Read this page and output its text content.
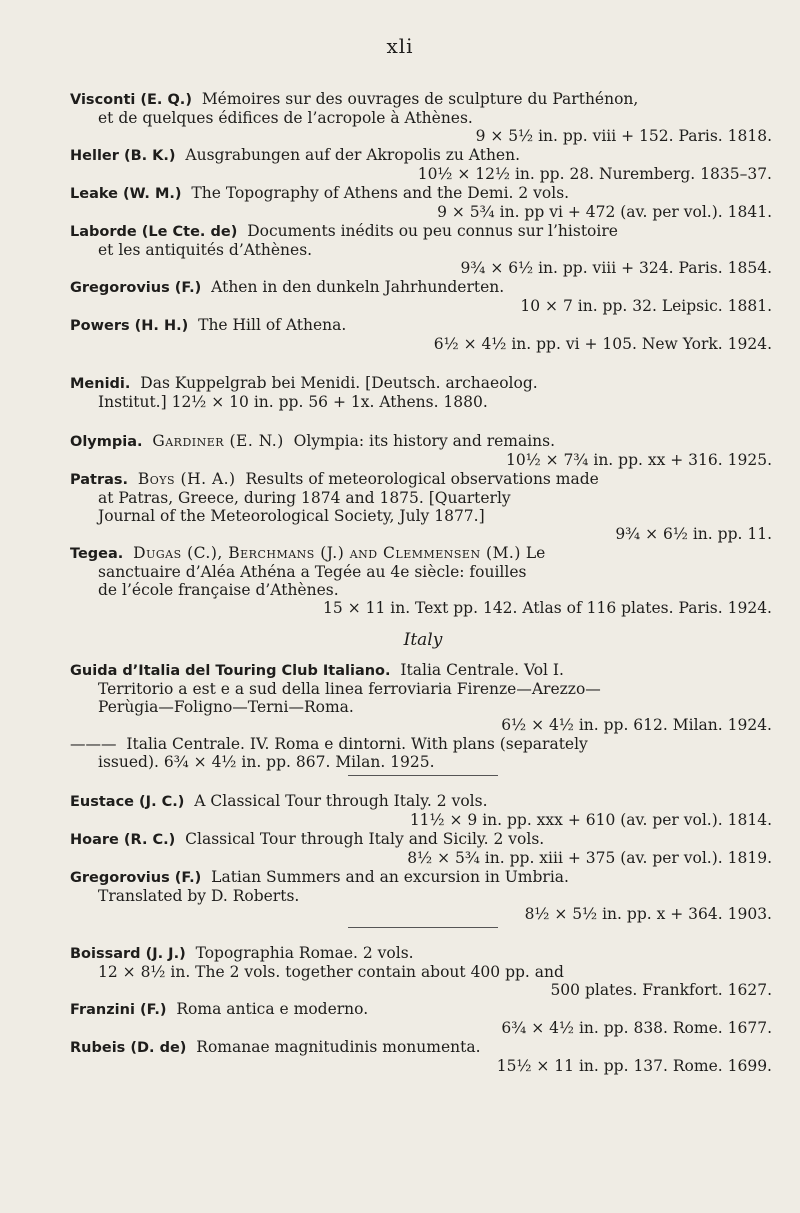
xli
Visconti (E. Q.) Mémoires sur des ouvrages de sculpture du Parthénon,
et de quelques édifices de l’acropole à Athènes.
9 × 5½ in. pp. viii + 152. Paris. 1818.
Heller (B. K.) Ausgrabungen auf der Akropolis zu Athen.
10½ × 12½ in. pp. 28. Nuremberg. 1835–37.
Leake (W. M.) The Topography of Athens and the Demi. 2 vols.
9 × 5¾ in. pp vi + 472 (av. per vol.). 1841.
Laborde (Le Cte. de) Documents inédits ou peu connus sur l’histoire
et les antiquités d’Athènes.
9¾ × 6½ in. pp. viii + 324. Paris. 1854.
Gregorovius (F.) Athen in den dunkeln Jahrhunderten.
10 × 7 in. pp. 32. Leipsic. 1881.
Powers (H. H.) The Hill of Athena.
6½ × 4½ in. pp. vi + 105. New York. 1924.
Menidi. Das Kuppelgrab bei Menidi. [Deutsch. archaeolog.
Institut.] 12½ × 10 in. pp. 56 + 1x. Athens. 1880.
Olympia. Gardiner (E. N.) Olympia: its history and remains.
10½ × 7¾ in. pp. xx + 316. 1925.
Patras. Boys (H. A.) Results of meteorological observations made
at Patras, Greece, during 1874 and 1875. [Quarterly
Journal of the Meteorological Society, July 1877.]
9¾ × 6½ in. pp. 11.
Tegea. Dugas (C.), Berchmans (J.) and Clemmensen (M.) Le
sanctuaire d’Aléa Athéna a Tegée au 4e siècle: fouilles
de l’école française d’Athènes.
15 × 11 in. Text pp. 142. Atlas of 116 plates. Paris. 1924.
Italy
Guida d’Italia del Touring Club Italiano. Italia Centrale. Vol I.
Territorio a est e a sud della linea ferroviaria Firenze—Arezzo—
Perùgia—Foligno—Terni—Roma.
6½ × 4½ in. pp. 612. Milan. 1924.
——— Italia Centrale. IV. Roma e dintorni. With plans (separately
issued). 6¾ × 4½ in. pp. 867. Milan. 1925.
Eustace (J. C.) A Classical Tour through Italy. 2 vols.
11½ × 9 in. pp. xxx + 610 (av. per vol.). 1814.
Hoare (R. C.) Classical Tour through Italy and Sicily. 2 vols.
8½ × 5¾ in. pp. xiii + 375 (av. per vol.). 1819.
Gregorovius (F.) Latian Summers and an excursion in Umbria.
Translated by D. Roberts.
8½ × 5½ in. pp. x + 364. 1903.
Boissard (J. J.) Topographia Romae. 2 vols.
12 × 8½ in. The 2 vols. together contain about 400 pp. and
500 plates. Frankfort. 1627.
Franzini (F.) Roma antica e moderno.
6¾ × 4½ in. pp. 838. Rome. 1677.
Rubeis (D. de) Romanae magnitudinis monumenta.
15½ × 11 in. pp. 137. Rome. 1699.
